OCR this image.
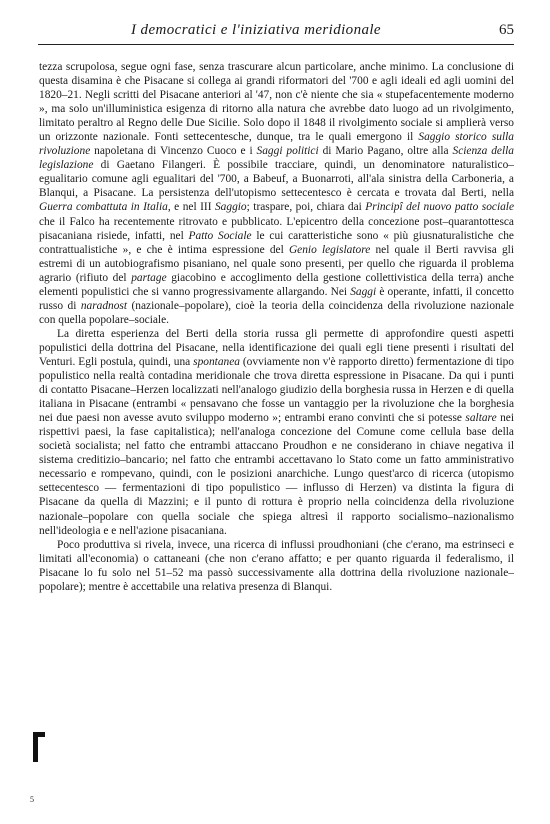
I democratici e l'iniziativa meridionale	65

tezza scrupolosa, segue ogni fase, senza trascurare alcun particolare, anche minimo. La conclusione di questa disamina è che Pisacane si collega ai grandi riformatori del '700 e agli ideali ed agli uomini del 1820–21. Negli scritti del Pisacane anteriori al '47, non c'è niente che sia « stupefacentemente moderno », ma solo un'illuministica esigenza di ritorno alla natura che avrebbe dato luogo ad un rivolgimento, limitato peraltro al Regno delle Due Sicilie. Solo dopo il 1848 il rivolgimento sociale si amplierà verso un orizzonte nazionale. Fonti settecentesche, dunque, tra le quali emergono il Saggio storico sulla rivoluzione napoletana di Vincenzo Cuoco e i Saggi politici di Mario Pagano, oltre alla Scienza della legislazione di Gaetano Filangeri. È possibile tracciare, quindi, un denominatore naturalistico–egualitario comune agli egualitari del '700, a Babeuf, a Buonarroti, all'ala sinistra della Carboneria, a Blanqui, a Pisacane. La persistenza dell'utopismo settecentesco è cercata e trovata dal Berti, nella Guerra combattuta in Italia, e nel III Saggio; traspare, poi, chiara dai Principî del nuovo patto sociale che il Falco ha recentemente ritrovato e pubblicato. L'epicentro della concezione post–quarantottesca pisacaniana risiede, infatti, nel Patto Sociale le cui caratteristiche sono « più giusnaturalistiche che contrattualistiche », e che è intima espressione del Genio legislatore nel quale il Berti ravvisa gli estremi di un autobiografismo pisaniano, nel quale sono presenti, per quello che riguarda il problema agrario (rifiuto del partage giacobino e accoglimento della gestione collettivistica della terra) anche elementi populistici che si vanno progressivamente allargando. Nei Saggi è operante, infatti, il concetto russo di naradnost (nazionale–popolare), cioè la teoria della coincidenza della rivoluzione nazionale con quella popolare–sociale.

La diretta esperienza del Berti della storia russa gli permette di approfondire questi aspetti populistici della dottrina del Pisacane, nella identificazione dei quali egli tiene presenti i risultati del Venturi. Egli postula, quindi, una spontanea (ovviamente non v'è rapporto diretto) fermentazione di tipo populistico nella realtà contadina meridionale che trova diretta espressione in Pisacane. Da qui i punti di contatto Pisacane–Herzen localizzati nell'analogo giudizio della borghesia russa in Herzen e di quella italiana in Pisacane (entrambi « pensavano che fosse un vantaggio per la rivoluzione che la borghesia nei due paesi non avesse avuto sviluppo moderno »; entrambi erano convinti che si potesse saltare nei rispettivi paesi, la fase capitalistica); nell'analoga concezione del Comune come cellula base della società socialista; nel fatto che entrambi attaccano Proudhon e ne considerano in chiave negativa il sistema creditizio–bancario; nel fatto che entrambi accettavano lo Stato come un fatto amministrativo necessario e rompevano, quindi, con le posizioni anarchiche. Lungo quest'arco di ricerca (utopismo settecentesco — fermentazioni di tipo populistico — influsso di Herzen) va distinta la figura di Pisacane da quella di Mazzini; e il punto di rottura è proprio nella coincidenza della rivoluzione nazionale–popolare con quella sociale che spiega altresì il rapporto socialismo–nazionalismo nell'ideologia e e nell'azione pisacaniana.

Poco produttiva si rivela, invece, una ricerca di influssi proudhoniani (che c'erano, ma estrinseci e limitati all'economia) o cattaneani (che non c'erano affatto; e per quanto riguarda il federalismo, il Pisacane lo fu solo nel 51–52 ma passò successivamente alla dottrina della rivoluzione nazionale–popolare); mentre è accettabile una relativa presenza di Blanqui.

5
